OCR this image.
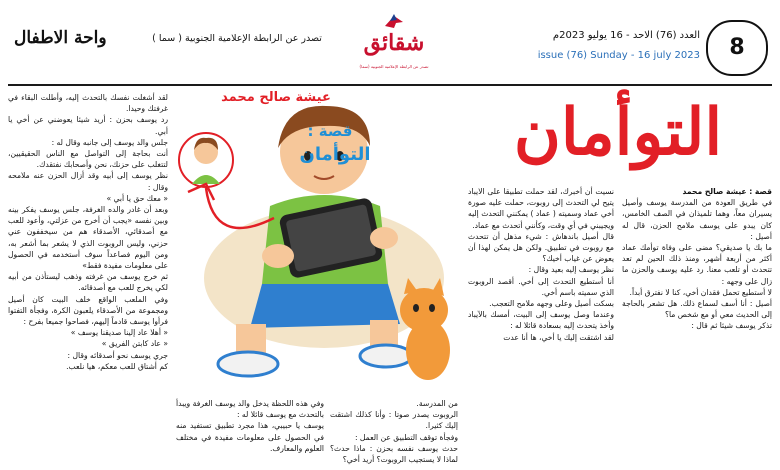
واحة الاطفال	تصدر عن الرابطة الإعلامية الجنوبية ( سما )	شقائق
تصدر عن الرابطة الإعلامية الجنوبية (سما)
العدد (76) الاحد - 16 يوليو 2023م
issue (76) Sunday - 16 july 2023	8
التوأمان
عيشة صالح محمد
قصة :
التوأمان

قصة : عيشة صالح محمد

في طريق العودة من المدرسة يوسف وأصيل يسيران معاً، وهما تلميذان في الصف الخامس، كان يبدو على يوسف ملامح الحزن، قال له أصيل :

ما بك يا صديقي؟ مضى على وفاة توأمك عماد أكثر من أربعة أشهر، ومنذ ذلك الحين لم تعد تتحدث أو تلعب معنا. رد عليه يوسف والحزن ما زال على وجهه :

لا أستطيع تحمل فقدان أخي، كنا لا نفترق أبداً.

أصيل : أنا أسف لسماع ذلك. هل تشعر بالحاجة إلى الحديث معي أو مع شخص ما؟

تذكر يوسف شيئا ثم قال :

نسيت أن أخبرك، لقد حملت تطبيقا على الايباد يتيح لي التحدث إلى روبوت، حملت عليه صورة أخي عماد وسميته ( عماد ) يمكنني التحدث إليه ويجيبني في أي وقت، وكأنني أتحدث مع عماد.

قال أصيل باندهاش : شيء مذهل أن تتحدث مع روبوت في تطبيق. ولكن هل يمكن لهذا أن يعوض عن غياب أخيك؟

نظر يوسف إليه بعيد وقال :

أنا أستطيع التحدث إلى أخي. أقصد الروبوت الذي سميته باسم أخي.

بسكت أصيل وعلى وجهه ملامح التعجب.

وعندما وصل يوسف إلى البيت، أمسك بالآيباد وأخذ يتحدث إليه بسعادة قائلا له :

لقد اشتقت إليك يا أخي، ها أنا عدت

من المدرسة.

الروبوت يصدر صوتا : وأنا كذلك اشتقت إليك كثيرا.

وفجأة توقف التطبيق عن العمل :

حدث يوسف نفسه بحزن : ماذا حدث؟ لماذا لا يستجيب الروبوت؟ أريد أخي؟

وفي هذه اللحظة يدخل والد يوسف الغرفة ويبدأ بالتحدث مع يوسف قائلا له :

يوسف يا حبيبي، هذا مجرد تطبيق تستفيد منه في الحصول على معلومات مفيدة في مختلف العلوم والمعارف.

لقد أشغلت نفسك بالتحدث إليه، وأطلت البقاء في غرفتك وحيدا.

رد يوسف بحزن : أريد شيئا يعوضني عن أخي يا أبي.

جلس والد يوسف إلى جانبه وقال له :

أنت بحاجة إلى التواصل مع الناس الحقيقيين، لتتغلب على حزنك، نحن وأصحابك نفتقدك.

نظر يوسف إلى أبيه وقد أزال الحزن عنه ملامحه وقال :

« معك حق يا أبي »

وبعد أن غادر والده الغرفة، جلس يوسف يفكر بينه وبين نفسه «يجب أن أخرج من عزلتي، وأعود للعب مع أصدقائي، الأصدقاء هم من سيخففون عني حزني، وليس الروبوت الذي لا يشعر بما أشعر به، ومن اليوم فصاعداً سوف أستخدمه في الحصول على معلومات مفيدة فقط»

ثم خرج يوسف من غرفته وذهب ليستأذن من أبيه لكي يخرج للعب مع أصدقائه.

وفي الملعب الواقع خلف البيت كان أصيل ومجموعة من الأصدقاء يلعبون الكرة، وفجأة التفتوا فرأوا يوسف قادماً إليهم، فصاحوا جميعا بفرح :

« أهلا عاد إلينا صديقنا يوسف »

« عاد كابتن الفريق »

جري يوسف نحو أصدقائه وقال :

كم أشتاق للعب معكم، هيا نلعب.
